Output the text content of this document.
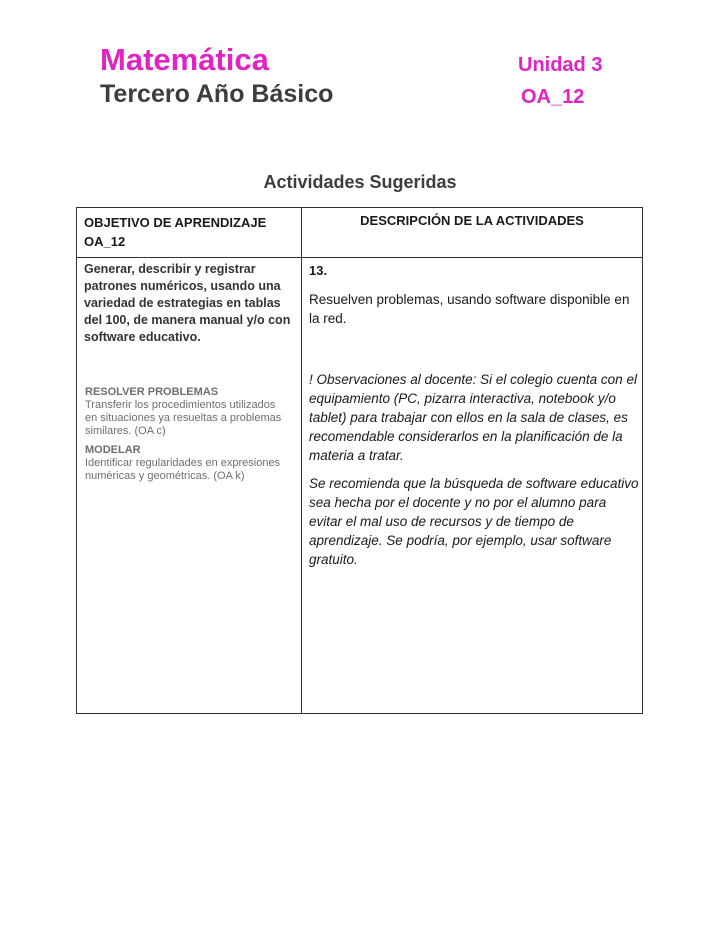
Matemática
Tercero Año Básico
Unidad 3
OA_12
Actividades Sugeridas
OBJETIVO DE APRENDIZAJE OA_12
DESCRIPCIÓN DE LA ACTIVIDADES
Generar, describir y registrar patrones numéricos, usando una variedad de estrategias en tablas del 100, de manera manual y/o con software educativo.
RESOLVER PROBLEMAS
Transferir los procedimientos utilizados en situaciones ya resueltas a problemas similares. (OA c)
MODELAR
Identificar regularidades en expresiones numéricas y geométricas. (OA k)
13.
Resuelven problemas, usando software disponible en la red.
! Observaciones al docente: Si el colegio cuenta con el equipamiento (PC, pizarra interactiva, notebook y/o tablet) para trabajar con ellos en la sala de clases, es recomendable considerarlos en la planificación de la materia a tratar.
Se recomienda que la búsqueda de software educativo sea hecha por el docente y no por el alumno para evitar el mal uso de recursos y de tiempo de aprendizaje. Se podría, por ejemplo, usar software gratuito.
